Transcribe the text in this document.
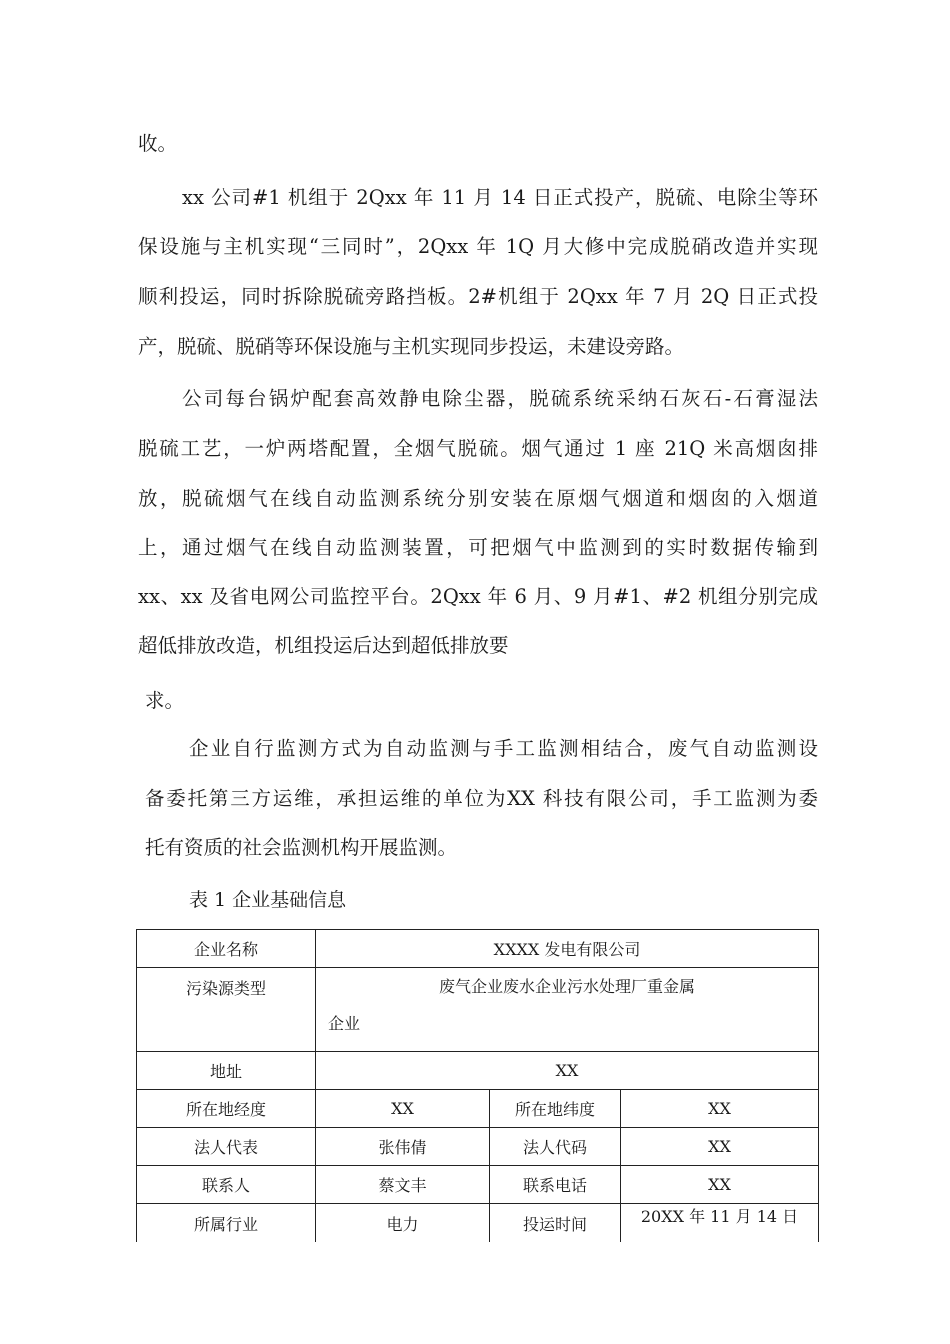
收。
xx 公司#1 机组于 2Qxx 年 11 月 14 日正式投产，脱硫、电除尘等环
保设施与主机实现“三同时”，2Qxx 年 1Q 月大修中完成脱硝改造并实现
顺利投运，同时拆除脱硫旁路挡板。2#机组于 2Qxx 年 7 月 2Q 日正式投
产，脱硫、脱硝等环保设施与主机实现同步投运，未建设旁路。
公司每台锅炉配套高效静电除尘器，脱硫系统采纳石灰石-石膏湿法
脱硫工艺，一炉两塔配置，全烟气脱硫。烟气通过 1 座 21Q 米高烟囱排
放，脱硫烟气在线自动监测系统分别安装在原烟气烟道和烟囱的入烟道
上，通过烟气在线自动监测装置，可把烟气中监测到的实时数据传输到
xx、xx 及省电网公司监控平台。2Qxx 年 6 月、9 月#1、#2 机组分别完成
超低排放改造，机组投运后达到超低排放要
求。
企业自行监测方式为自动监测与手工监测相结合，废气自动监测设
备委托第三方运维，承担运维的单位为XX 科技有限公司，手工监测为委
托有资质的社会监测机构开展监测。
表 1 企业基础信息
企业名称	XXXX 发电有限公司		
污染源类型	废气企业废水企业污水处理厂重金属
企业		

地址	XX		
所在地经度	XX	所在地纬度	XX
法人代表	张伟倩	法人代码	XX
联系人	蔡文丰	联系电话	XX
所属行业	电力	投运时间	20XX 年 11 月 14 日
